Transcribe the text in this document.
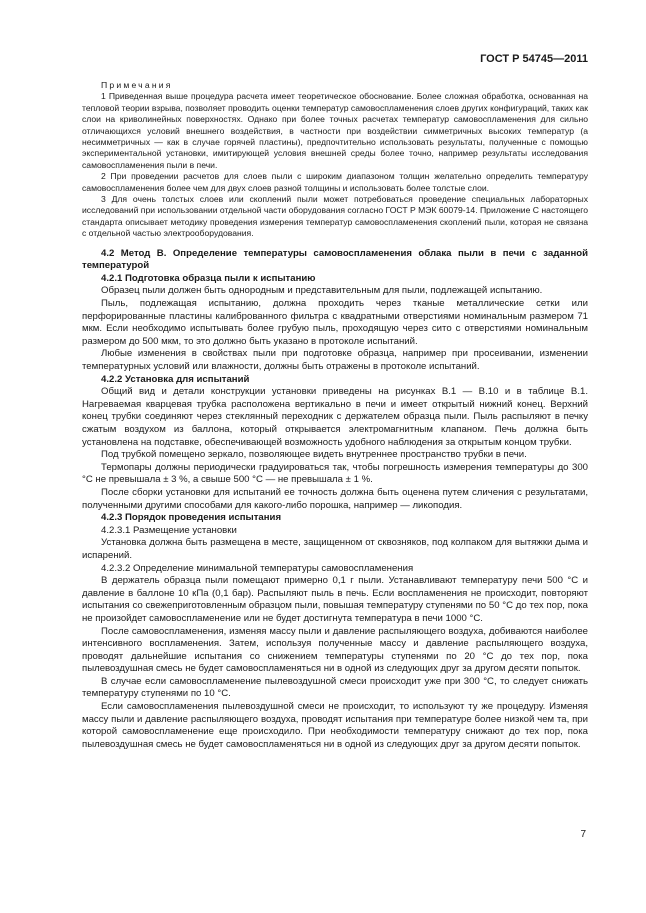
ГОСТ Р 54745—2011

Примечания

1 Приведенная выше процедура расчета имеет теоретическое обоснование. Более сложная обработка, основанная на тепловой теории взрыва, позволяет проводить оценки температур самовоспламенения слоев других конфигураций, таких как слои на криволинейных поверхностях. Однако при более точных расчетах температур самовоспламенения для сильно отличающихся условий внешнего воздействия, в частности при воздействии симметричных высоких температур (а несимметричных — как в случае горячей пластины), предпочтительно использовать результаты, полученные с помощью экспериментальной установки, имитирующей условия внешней среды более точно, например результаты исследования самовоспламенения пыли в печи.

2 При проведении расчетов для слоев пыли с широким диапазоном толщин желательно определить температуру самовоспламенения более чем для двух слоев разной толщины и использовать более толстые слои.

3 Для очень толстых слоев или скоплений пыли может потребоваться проведение специальных лабораторных исследований при использовании отдельной части оборудования согласно ГОСТ Р МЭК 60079-14. Приложение С настоящего стандарта описывает методику проведения измерения температур самовоспламенения скоплений пыли, которая не связана с отдельной частью электрооборудования.

4.2 Метод В. Определение температуры самовоспламенения облака пыли в печи с заданной температурой

4.2.1 Подготовка образца пыли к испытанию

Образец пыли должен быть однородным и представительным для пыли, подлежащей испытанию.

Пыль, подлежащая испытанию, должна проходить через тканые металлические сетки или перфорированные пластины калиброванного фильтра с квадратными отверстиями номинальным размером 71 мкм. Если необходимо испытывать более грубую пыль, проходящую через сито с отверстиями номинальным размером до 500 мкм, то это должно быть указано в протоколе испытаний.

Любые изменения в свойствах пыли при подготовке образца, например при просеивании, изменении температурных условий или влажности, должны быть отражены в протоколе испытаний.

4.2.2 Установка для испытаний

Общий вид и детали конструкции установки приведены на рисунках В.1 — В.10 и в таблице В.1. Нагреваемая кварцевая трубка расположена вертикально в печи и имеет открытый нижний конец. Верхний конец трубки соединяют через стеклянный переходник с держателем образца пыли. Пыль распыляют в печку сжатым воздухом из баллона, который открывается электромагнитным клапаном. Печь должна быть установлена на подставке, обеспечивающей возможность удобного наблюдения за открытым концом трубки.

Под трубкой помещено зеркало, позволяющее видеть внутреннее пространство трубки в печи.

Термопары должны периодически градуироваться так, чтобы погрешность измерения температуры до 300 °С не превышала ± 3 %, а свыше 500 °С — не превышала ± 1 %.

После сборки установки для испытаний ее точность должна быть оценена путем сличения с результатами, полученными другими способами для какого-либо порошка, например — ликоподия.

4.2.3 Порядок проведения испытания

4.2.3.1 Размещение установки

Установка должна быть размещена в месте, защищенном от сквозняков, под колпаком для вытяжки дыма и испарений.

4.2.3.2 Определение минимальной температуры самовоспламенения

В держатель образца пыли помещают примерно 0,1 г пыли. Устанавливают температуру печи 500 °С и давление в баллоне 10 кПа (0,1 бар). Распыляют пыль в печь. Если воспламенения не происходит, повторяют испытания со свежеприготовленным образцом пыли, повышая температуру ступенями по 50 °С до тех пор, пока не произойдет самовоспламенение или не будет достигнута температура в печи 1000 °С.

После самовоспламенения, изменяя массу пыли и давление распыляющего воздуха, добиваются наиболее интенсивного воспламенения. Затем, используя полученные массу и давление распыляющего воздуха, проводят дальнейшие испытания со снижением температуры ступенями по 20 °С до тех пор, пока пылевоздушная смесь не будет самовоспламеняться ни в одной из следующих друг за другом десяти попыток.

В случае если самовоспламенение пылевоздушной смеси происходит уже при 300 °С, то следует снижать температуру ступенями по 10 °С.

Если самовоспламенения пылевоздушной смеси не происходит, то используют ту же процедуру. Изменяя массу пыли и давление распыляющего воздуха, проводят испытания при температуре более низкой чем та, при которой самовоспламенение еще происходило. При необходимости температуру снижают до тех пор, пока пылевоздушная смесь не будет самовоспламеняться ни в одной из следующих друг за другом десяти попыток.

7
